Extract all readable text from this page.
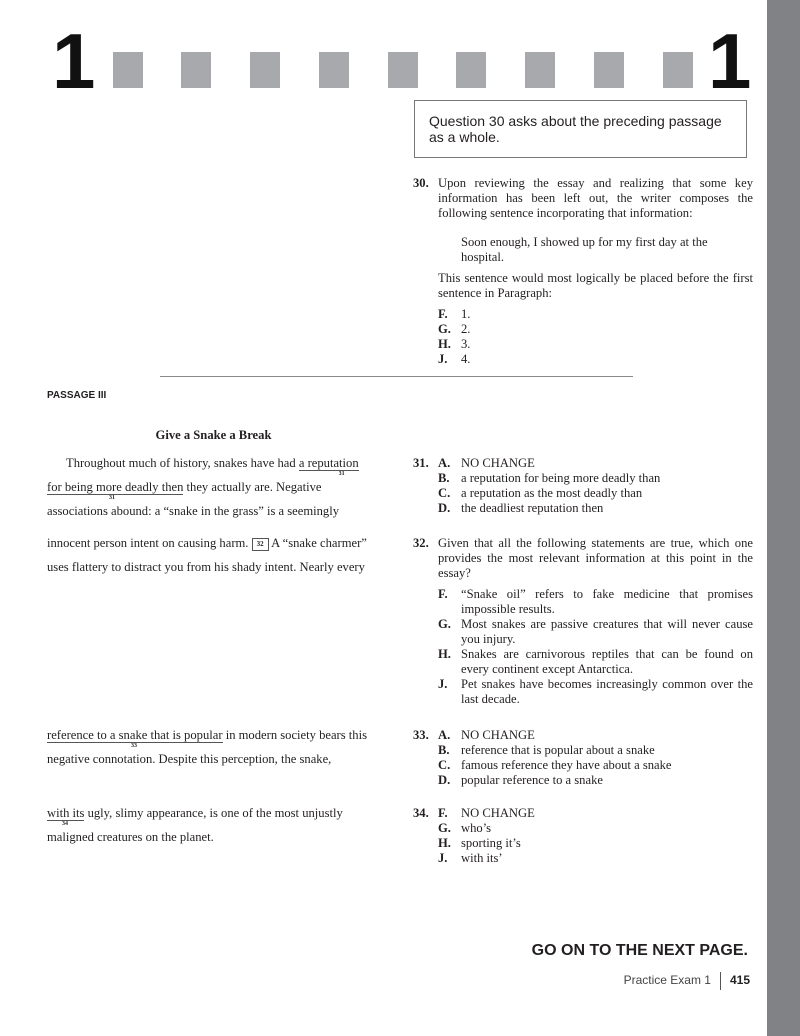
1	1
Question 30 asks about the preceding passage as a whole.
30. Upon reviewing the essay and realizing that some key information has been left out, the writer composes the following sentence incorporating that information:
Soon enough, I showed up for my first day at the hospital.
This sentence would most logically be placed before the first sentence in Paragraph:
F. 1.
G. 2.
H. 3.
J. 4.
PASSAGE III
Give a Snake a Break
Throughout much of history, snakes have had a reputation
31
for being more deadly then
31
they actually are. Negative
associations abound: a “snake in the grass” is a seemingly
innocent person intent on causing harm. 32 A “snake charmer”
uses flattery to distract you from his shady intent. Nearly every
reference to a snake that is popular
33
in modern society bears this
negative connotation. Despite this perception, the snake,
with its
34
ugly, slimy appearance, is one of the most unjustly
maligned creatures on the planet.
31. A. NO CHANGE
B. a reputation for being more deadly than
C. a reputation as the most deadly than
D. the deadliest reputation then
32. Given that all the following statements are true, which one provides the most relevant information at this point in the essay?
F. “Snake oil” refers to fake medicine that promises impossible results.
G. Most snakes are passive creatures that will never cause you injury.
H. Snakes are carnivorous reptiles that can be found on every continent except Antarctica.
J. Pet snakes have becomes increasingly common over the last decade.
33. A. NO CHANGE
B. reference that is popular about a snake
C. famous reference they have about a snake
D. popular reference to a snake
34. F. NO CHANGE
G. who’s
H. sporting it’s
J. with its’
GO ON TO THE NEXT PAGE.
Practice Exam 1 415
